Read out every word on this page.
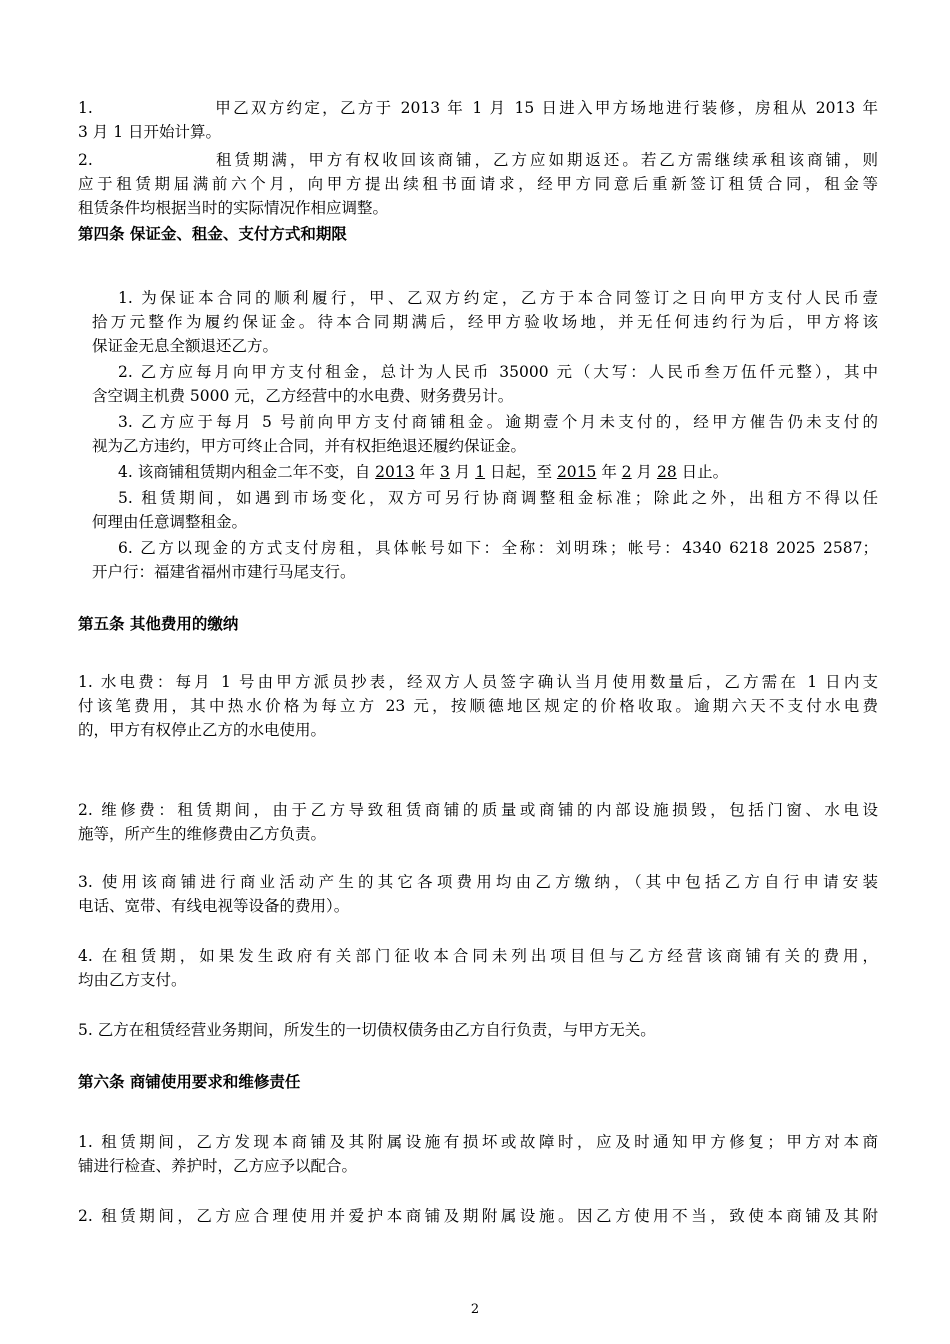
1.	甲乙双方约定，乙方于 2013 年 1 月 15 日进入甲方场地进行装修，房租从 2013 年
3 月 1 日开始计算。
2.	租赁期满，甲方有权收回该商铺，乙方应如期返还。若乙方需继续承租该商铺，则
应于租赁期届满前六个月，向甲方提出续租书面请求，经甲方同意后重新签订租赁合同，租金等
租赁条件均根据当时的实际情况作相应调整。
第四条 保证金、租金、支付方式和期限
1. 为保证本合同的顺利履行，甲、乙双方约定，乙方于本合同签订之日向甲方支付人民币壹
拾万元整作为履约保证金。待本合同期满后，经甲方验收场地，并无任何违约行为后，甲方将该
保证金无息全额退还乙方。
2. 乙方应每月向甲方支付租金，总计为人民币 35000 元（大写：人民币叁万伍仟元整），其中
含空调主机费 5000 元，乙方经营中的水电费、财务费另计。
3. 乙方应于每月 5 号前向甲方支付商铺租金。逾期壹个月未支付的，经甲方催告仍未支付的
视为乙方违约，甲方可终止合同，并有权拒绝退还履约保证金。
4. 该商铺租赁期内租金二年不变，自 2013 年 3 月 1 日起，至 2015 年 2 月 28 日止。
5. 租赁期间，如遇到市场变化，双方可另行协商调整租金标准；除此之外，出租方不得以任
何理由任意调整租金。
6. 乙方以现金的方式支付房租，具体帐号如下：全称：刘明珠；帐号：4340 6218 2025 2587；
开户行：福建省福州市建行马尾支行。
第五条 其他费用的缴纳
1. 水电费：每月 1 号由甲方派员抄表，经双方人员签字确认当月使用数量后，乙方需在 1 日内支
付该笔费用，其中热水价格为每立方 23 元，按顺德地区规定的价格收取。逾期六天不支付水电费
的，甲方有权停止乙方的水电使用。
2. 维修费：租赁期间，由于乙方导致租赁商铺的质量或商铺的内部设施损毁，包括门窗、水电设
施等，所产生的维修费由乙方负责。
3. 使用该商铺进行商业活动产生的其它各项费用均由乙方缴纳，（其中包括乙方自行申请安装
电话、宽带、有线电视等设备的费用）。
4. 在租赁期，如果发生政府有关部门征收本合同未列出项目但与乙方经营该商铺有关的费用，
均由乙方支付。
5. 乙方在租赁经营业务期间，所发生的一切债权债务由乙方自行负责，与甲方无关。
第六条 商铺使用要求和维修责任
1. 租赁期间，乙方发现本商铺及其附属设施有损坏或故障时，应及时通知甲方修复；甲方对本商
铺进行检查、养护时，乙方应予以配合。
2. 租赁期间，乙方应合理使用并爱护本商铺及期附属设施。因乙方使用不当，致使本商铺及其附
2
